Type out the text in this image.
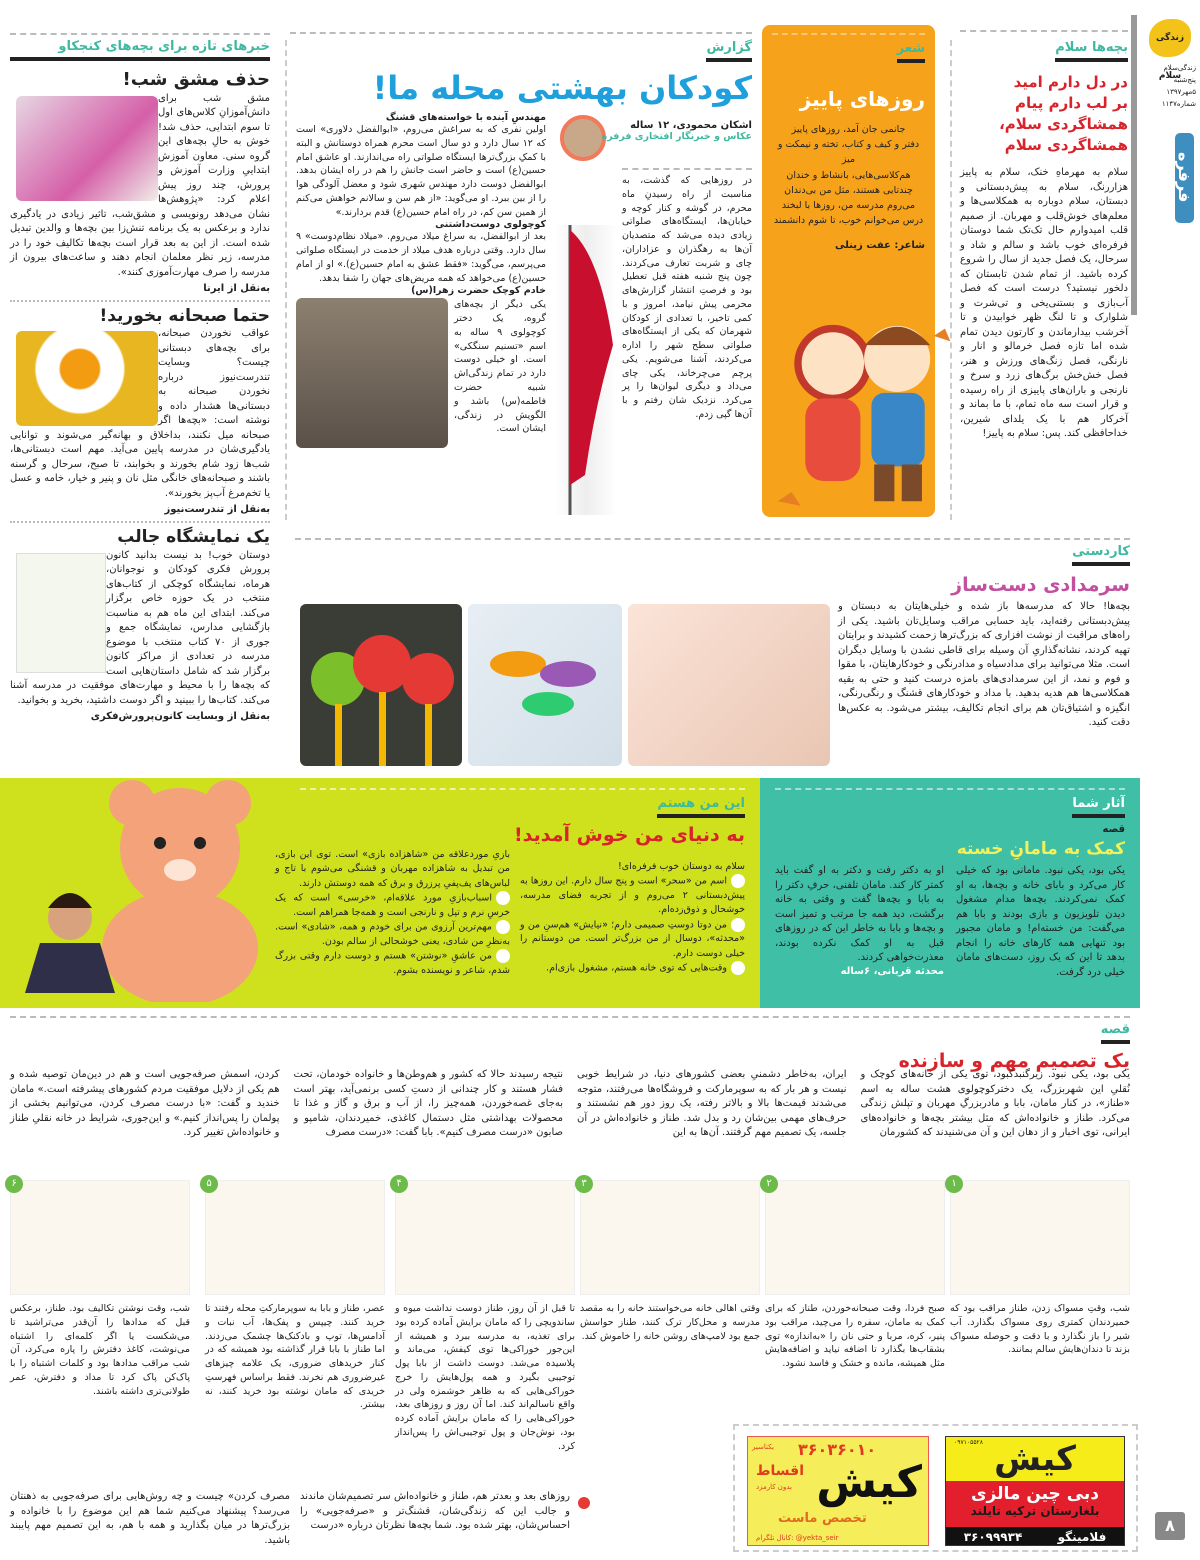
زندگی سلام
زندگی‌سلام
پنج‌شنبه
۵مهر۱۳۹۷
شماره۱۱۴۷
فرفره
بچه‌ها سلام
در دل دارم امید
بر لب دارم پیام
همشاگردی سلام،
همشاگردی سلام

سلام به مهرماهِ خنک، سلام به پاییز هزاررنگ، سلام به پیش‌دبستانی و دبستان، سلام دوباره به همکلاسی‌ها و معلم‌های خوش‌قلب و مهربان. از صمیم قلب امیدوارم حال تک‌تک شما دوستان فرفره‌ای خوب باشد و سالم و شاد و سرحال، یک فصل جدید از سال را شروع کرده باشید. از تمام شدن تابستان که دلخور نیستید؟ درست است که فصل آب‌بازی و بستنی‌یخی و تی‌شرت و شلوارک و تا لنگ ظهر خوابیدن و تا آخرشب بیدارماندن و کارتون دیدن تمام شده اما تازه فصل خرمالو و انار و نارنگی، فصل زنگ‌های ورزش و هنر، فصل خش‌خش برگ‌های زرد و سرخ و نارنجی و باران‌های پاییزی از راه رسیده و قرار است سه ماه تمام، با ما بماند و آخرکار هم با یک یلدای شیرین، خداحافظی کند. پس: سلام به پاییز!

شعر
روزهای پاییز
جانمی جان آمد، روزهای پاییز
دفتر و کیف و کتاب، تخته و نیمکت و میز
هم‌کلاسی‌هایی، بانشاط و خندان
چندتایی هستند، مثل من بی‌دندان
می‌روم مدرسه من، روزها با لبخند
درس می‌خوانم خوب، تا شوم دانشمند
شاعر: عفت زینلی
گزارش
کودکان بهشتی محله ما!
اشکان محمودی، ۱۲ ساله
عکاس و خبرنگار افتخاری فرفره

در روزهایی که گذشت، به مناسبت از راه رسیدنِ ماه محرم، در گوشه و کنار کوچه و خیابان‌ها، ایستگاه‌های صلواتی زیادی دیده می‌شد که متصدیان آن‌ها به رهگذران و عزاداران، چای و شربت تعارف می‌کردند. چون پنج شنبه هفته قبل تعطیل بود و فرصتِ انتشار گزارش‌های محرمی پیش نیامد، امروز و با کمی تاخیر، با تعدادی از کودکان شهرمان که یکی از ایستگاه‌های صلواتی سطح شهر را اداره می‌کردند، آشنا می‌شویم. یکی پرچم می‌چرخاند، یکی چای می‌داد و دیگری لیوان‌ها را پر می‌کرد. نزدیک شان رفتم و با آن‌ها گپی زدم.

مهندسِ آینده با خواسته‌های قشنگ

اولین نفری که به سراغش می‌روم، «ابوالفضل دلاوری» است که ۱۲ سال دارد و دو سال است محرم همراه دوستانش و البته با کمکِ بزرگ‌ترها ایستگاه صلواتی راه می‌اندازند. او عاشق امام حسین(ع) است و حاضر است جانش را هم در راه ایشان بدهد. ابوالفضل دوست دارد مهندس شهری شود و معضل آلودگی هوا را از بین ببرد. او می‌گوید: «از هم سن و سالانم خواهش می‌کنم از همین سن کم، در راه امام حسین(ع) قدم بردارند.»

کوچولوی دوست‌داشتنی

بعد از ابوالفضل، به سراغ میلاد می‌روم. «میلاد نظام‌دوست» ۹ سال دارد. وقتی درباره هدف میلاد از خدمت در ایستگاه صلواتی می‌پرسم، می‌گوید: «فقط عشق به امام حسین(ع).» او از امام حسین(ع) می‌خواهد که همه مریض‌های جهان را شفا بدهد.

خادم کوچک حضرت زهرا(س)

یکی دیگر از بچه‌های گروه، یک دختر کوچولوی ۹ ساله به اسم «تسنیم سنگکی» است. او خیلی دوست دارد در تمام زندگی‌اش شبیه حضرت فاطمه(س) باشد و الگویش در زندگی، ایشان است.

خبرهای تازه برای بچه‌های کنجکاو
حذف مشق شب!

مشق شب برای دانش‌آموزانِ کلاس‌های اول تا سوم ابتدایی، حذف شد! خوش به حالِ بچه‌های این گروه سنی. معاون آموزش ابتداییِ وزارت آموزش و پرورش، چند روز پیش اعلام کرد: «پژوهش‌ها نشان می‌دهد رونویسی و مشق‌شب، تاثیر زیادی در یادگیری ندارد و برعکس به یک برنامه تنش‌زا بین بچه‌ها و والدین تبدیل شده است. از این به بعد قرار است بچه‌ها تکالیف خود را در مدرسه، زیر نظر معلمان انجام دهند و ساعت‌های بیرون از مدرسه را صرف مهارت‌آموزی کنند».

به‌نقل از ایرنا
حتما صبحانه بخورید!

عواقب نخوردن صبحانه، برای بچه‌های دبستانی چیست؟ وبسایت تندرست‌نیوز درباره نخوردن صبحانه به دبستانی‌ها هشدار داده و نوشته است: «بچه‌ها اگر صبحانه میل نکنند، بداخلاق و بهانه‌گیر می‌شوند و توانایی یادگیری‌شان در مدرسه پایین می‌آید. مهم است دبستانی‌ها، شب‌ها زود شام بخورند و بخوابند، تا صبح، سرحال و گرسنه باشند و صبحانه‌های خانگی مثل نان و پنیر و خیار، خامه و عسل یا تخم‌مرغ آب‌پز بخورند».

به‌نقل از تندرست‌نیوز
یک نمایشگاه جالب

دوستان خوب! بد نیست بدانید کانون پرورش فکری کودکان و نوجوانان، هرماه، نمایشگاه کوچکی از کتاب‌های منتخب در یک حوزه خاص برگزار می‌کند. ابتدای این ماه هم به مناسبت بازگشایی مدارس، نمایشگاه جمع و جوری از ۷۰ کتاب منتخب با موضوع مدرسه در تعدادی از مراکز کانون برگزار شد که شامل داستان‌هایی است که بچه‌ها را با محیط و مهارت‌های موفقیت در مدرسه آشنا می‌کند. کتاب‌ها را ببینید و اگر دوست داشتید، بخرید و بخوانید.

به‌نقل از وبسایت کانون‌پرورش‌فکری
کاردستی
سرمدادی دست‌ساز

بچه‌ها! حالا که مدرسه‌ها باز شده و خیلی‌هایتان به دبستان و پیش‌دبستانی رفته‌اید، باید حسابی مراقب وسایل‌تان باشید. یکی از راه‌های مراقبت از نوشت افزاری که بزرگ‌ترها زحمت کشیدند و برایتان تهیه کردند، نشانه‌گذاریِ آن وسیله برای قاطی نشدن با وسایل دیگران است. مثلا می‌توانید برای مدادسیاه و مدادرنگی و خودکارهایتان، با مقوا و فوم و نمد، از این سرمدادی‌های بامزه درست کنید و حتی به بقیه همکلاسی‌ها هم هدیه بدهید. با مداد و خودکارهای قشنگ و رنگی‌رنگی، انگیزه و اشتیاق‌تان هم برای انجام تکالیف، بیشتر می‌شود. به عکس‌ها دقت کنید.

آثار شما
قصه
کمک به مامانِ خسته

یکی بود، یکی نبود. مامانی بود که خیلی کار می‌کرد و بابای خانه و بچه‌ها، به او کمک نمی‌کردند. بچه‌ها مدام مشغول دیدن تلویزیون و بازی بودند و بابا هم می‌گفت: من خسته‌ام! و مامان مجبور بود تنهایی همه کارهای خانه را انجام بدهد تا این که یک روز، دست‌های مامان خیلی درد گرفت.

او به دکتر رفت و دکتر به او گفت باید کمتر کار کند. مامان تلفنی، حرفِ دکتر را به بابا و بچه‌ها گفت و وقتی به خانه برگشت، دید همه جا مرتب و تمیز است و بچه‌ها و بابا به خاطر این که در روزهای قبل به او کمک نکرده بودند، معذرت‌خواهی کردند.

محدثه قربانی، ۶ساله
این من هستم
به دنیای من خوش آمدید!
سلام به دوستان خوب فرفره‌ای!
اسم من «سحر» است و پنج سال دارم. این روزها به پیش‌دبستانی ۲ می‌روم و از تجربه فضای مدرسه، خوشحال و ذوق‌زده‌ام.
من دوتا دوستِ صمیمی دارم؛ «نیایش» هم‌سنِ من و «محدثه»، دوسال از من بزرگ‌تر است. من دوستانم را خیلی دوست دارم.
وقت‌هایی که توی خانه هستم، مشغول بازی‌ام.
بازیِ موردعلاقه من «شاهزاده بازی» است. توی این بازی، من تبدیل به شاهزاده مهربان و قشنگی می‌شوم با تاج و لباس‌های پف‌پفیِ پرزرق و برق که همه دوستش دارند.
اسباب‌بازیِ مورد علاقه‌ام، «خرسی» است که یک خرسِ نرم و تپل و نارنجی است و همه‌جا همراهم است.
مهم‌ترین آرزوی من برای خودم و همه، «شادی» است. به‌نظرِ من شادی، یعنی خوشحالی از سالم بودن.
من عاشقِ «نوشتن» هستم و دوست دارم وقتی بزرگ شدم، شاعر و نویسنده بشوم.
قصه
یک تصمیم مهم و سازنده

یکی بود، یکی نبود. زیرگنبدکبود، توی یکی از خانه‌های کوچک و نُقلیِ این شهربزرگ، یک دخترکوچولوی هشت ساله به اسم «طناز»، در کنار مامان، بابا و مادربزرگِ مهربان و تپلش زندگی می‌کرد. طناز و خانواده‌اش که مثل بیشتر بچه‌ها و خانواده‌های ایرانی، توی اخبار و از دهان این و آن می‌شنیدند که کشورمان

ایران، به‌خاطر دشمنیِ بعضی کشورهای دنیا، در شرایط خوبی نیست و هر بار که به سوپرمارکت و فروشگاه‌ها می‌رفتند، متوجه می‌شدند قیمت‌ها بالا و بالاتر رفته، یک روز دور هم نشستند و حرف‌های مهمی بین‌شان رد و بدل شد. طناز و خانواده‌اش در آن جلسه، یک تصمیم مهم گرفتند. آن‌ها به این

نتیجه رسیدند حالا که کشور و هم‌وطن‌ها و خانواده خودمان، تحت فشار هستند و کار چندانی از دستِ کسی برنمی‌آید، بهتر است به‌جای غصه‌خوردن، همه‌چیز را، از آب و برق و گاز و غذا تا محصولات بهداشتی مثل دستمال کاغذی، خمیردندان، شامپو و صابون «درست مصرف کنیم». بابا گفت: «درست مصرف

کردن، اسمش صرفه‌جویی است و هم در دین‌مان توصیه شده و هم یکی از دلایل موفقیت مردم کشورهای پیشرفته است.» مامان خندید و گفت: «با درست مصرف کردن، می‌توانیم بخشی از پولمان را پس‌انداز کنیم.» و این‌جوری، شرایط در خانه نقلیِ طناز و خانواده‌اش تغییر کرد.

۱
۲
۳
۴
۵
۶

شب، وقتِ مسواک زدن، طناز مراقب بود که خمیردندان کمتری روی مسواک بگذارد. آب شیر را باز نگذارد و با دقت و حوصله مسواک بزند تا دندان‌هایش سالم بمانند.

صبح فردا، وقت صبحانه‌خوردن، طناز که برای کمک به مامان، سفره را می‌چید، مراقب بود پنیر، کره، مربا و حتی نان را «به‌اندازه» توی بشقاب‌ها بگذارد تا اضافه نیاید و اضافه‌هایش مثل همیشه، مانده و خشک و فاسد نشود.

وقتی اهالی خانه می‌خواستند خانه را به مقصد مدرسه و محل‌کار ترک کنند، طناز حواسش جمع بود لامپ‌های روشن خانه را خاموش کند.

تا قبل از آن روز، طناز دوست نداشت میوه و ساندویچی را که مامان برایش آماده کرده بود برای تغذیه، به مدرسه ببرد و همیشه از این‌جور خوراکی‌ها توی کیفش، می‌ماند و پلاسیده می‌شد. دوست داشت از بابا پول توجیبی بگیرد و همه پول‌هایش را خرج خوراکی‌هایی که به ظاهر خوشمزه ولی در واقع ناسالم‌اند کند. اما آن روز و روزهای بعد، خوراکی‌هایی را که مامان برایش آماده کرده بود، نوش‌جان و پول توجیبی‌اش را پس‌انداز کرد.

عصر، طناز و بابا به سوپرمارکتِ محله رفتند تا خرید کنند. چیپس و پفک‌ها، آب نبات و آدامس‌ها، توپ و بادکنک‌ها چشمک می‌زدند. اما طناز با بابا قرار گذاشته بود همیشه که در کنار خریدهای ضروری، یک علامه چیزهای غیرضروری هم نخرند. فقط براساس فهرستِ خریدی که مامان نوشته بود خرید کنند، نه بیشتر.

شب، وقت نوشتن تکالیف بود. طناز، برعکس قبل که مدادها را آن‌قدر می‌تراشید تا می‌شکست یا اگر کلمه‌ای را اشتباه می‌نوشت، کاغذ دفترش را پاره می‌کرد، آن شب مراقب مدادها بود و کلمات اشتباه را با پاک‌کن پاک کرد تا مداد و دفترش، عمر طولانی‌تری داشته باشند.

روزهای بعد و بعدتر هم، طناز و خانواده‌اش سر تصمیم‌شان ماندند و جالب این که زندگی‌شان، قشنگ‌تر و «صرفه‌جویی» را احساس‌شان، بهتر شده بود. شما بچه‌ها نظرتان درباره «درست

مصرف کردن» چیست و چه روش‌هایی برای صرفه‌جویی به ذهنتان می‌رسد؟ پیشنهاد می‌کنیم شما هم این موضوع را با خانواده و بزرگ‌ترها در میان بگذارید و همه با هم، به این تصمیم مهم پایبند باشید.

کیش
۰۹۷۱۰۵۵۲۸
دبی چین مالزی
بلغارستان ترکیه تایلند
فلامینگو
۳۶۰۹۹۹۳۴
۳۶۰۳۶۰۱۰
یکتاسیر
کیش
اقساط
بدون کارمزد
تخصص ماست
کانال تلگرام: @yekta_seir
۸
